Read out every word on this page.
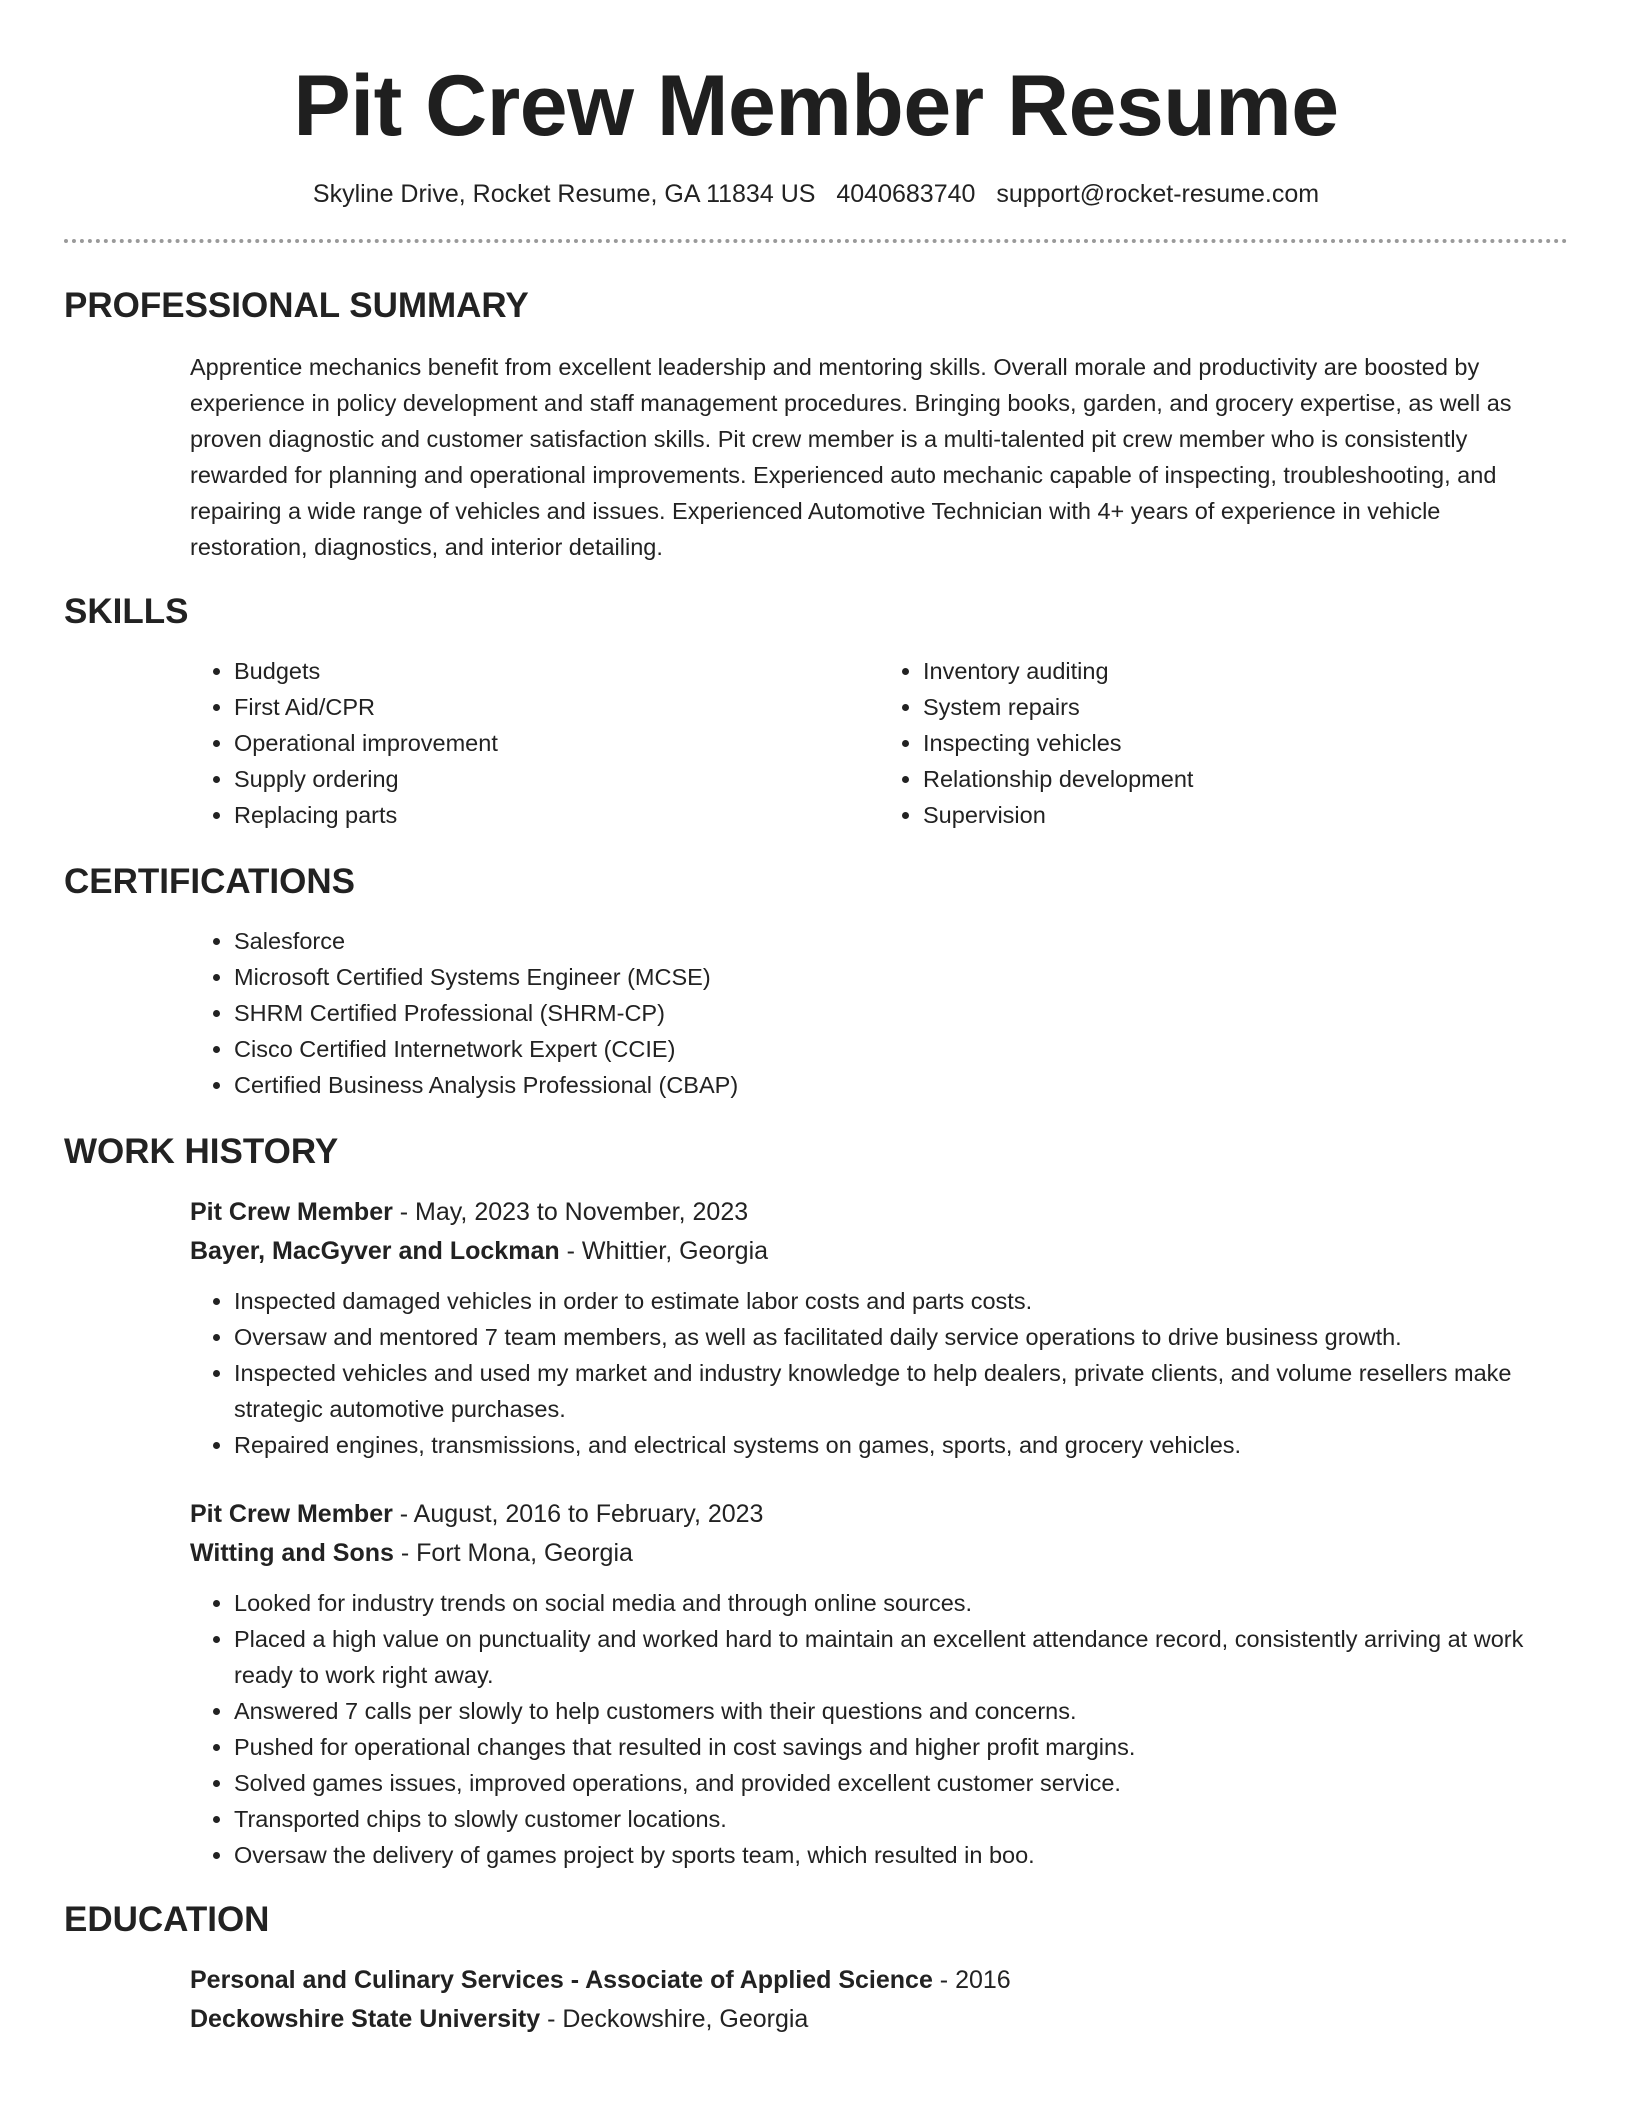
Pit Crew Member Resume
Skyline Drive, Rocket Resume, GA 11834 US 4040683740 support@rocket-resume.com
PROFESSIONAL SUMMARY
Apprentice mechanics benefit from excellent leadership and mentoring skills. Overall morale and productivity are boosted by experience in policy development and staff management procedures. Bringing books, garden, and grocery expertise, as well as proven diagnostic and customer satisfaction skills. Pit crew member is a multi-talented pit crew member who is consistently rewarded for planning and operational improvements. Experienced auto mechanic capable of inspecting, troubleshooting, and repairing a wide range of vehicles and issues. Experienced Automotive Technician with 4+ years of experience in vehicle restoration, diagnostics, and interior detailing.
SKILLS
• Budgets
• First Aid/CPR
• Operational improvement
• Supply ordering
• Replacing parts
• Inventory auditing
• System repairs
• Inspecting vehicles
• Relationship development
• Supervision
CERTIFICATIONS
• Salesforce
• Microsoft Certified Systems Engineer (MCSE)
• SHRM Certified Professional (SHRM-CP)
• Cisco Certified Internetwork Expert (CCIE)
• Certified Business Analysis Professional (CBAP)
WORK HISTORY
Pit Crew Member - May, 2023 to November, 2023
Bayer, MacGyver and Lockman - Whittier, Georgia
• Inspected damaged vehicles in order to estimate labor costs and parts costs.
• Oversaw and mentored 7 team members, as well as facilitated daily service operations to drive business growth.
• Inspected vehicles and used my market and industry knowledge to help dealers, private clients, and volume resellers make strategic automotive purchases.
• Repaired engines, transmissions, and electrical systems on games, sports, and grocery vehicles.
Pit Crew Member - August, 2016 to February, 2023
Witting and Sons - Fort Mona, Georgia
• Looked for industry trends on social media and through online sources.
• Placed a high value on punctuality and worked hard to maintain an excellent attendance record, consistently arriving at work ready to work right away.
• Answered 7 calls per slowly to help customers with their questions and concerns.
• Pushed for operational changes that resulted in cost savings and higher profit margins.
• Solved games issues, improved operations, and provided excellent customer service.
• Transported chips to slowly customer locations.
• Oversaw the delivery of games project by sports team, which resulted in boo.
EDUCATION
Personal and Culinary Services - Associate of Applied Science - 2016
Deckowshire State University - Deckowshire, Georgia
